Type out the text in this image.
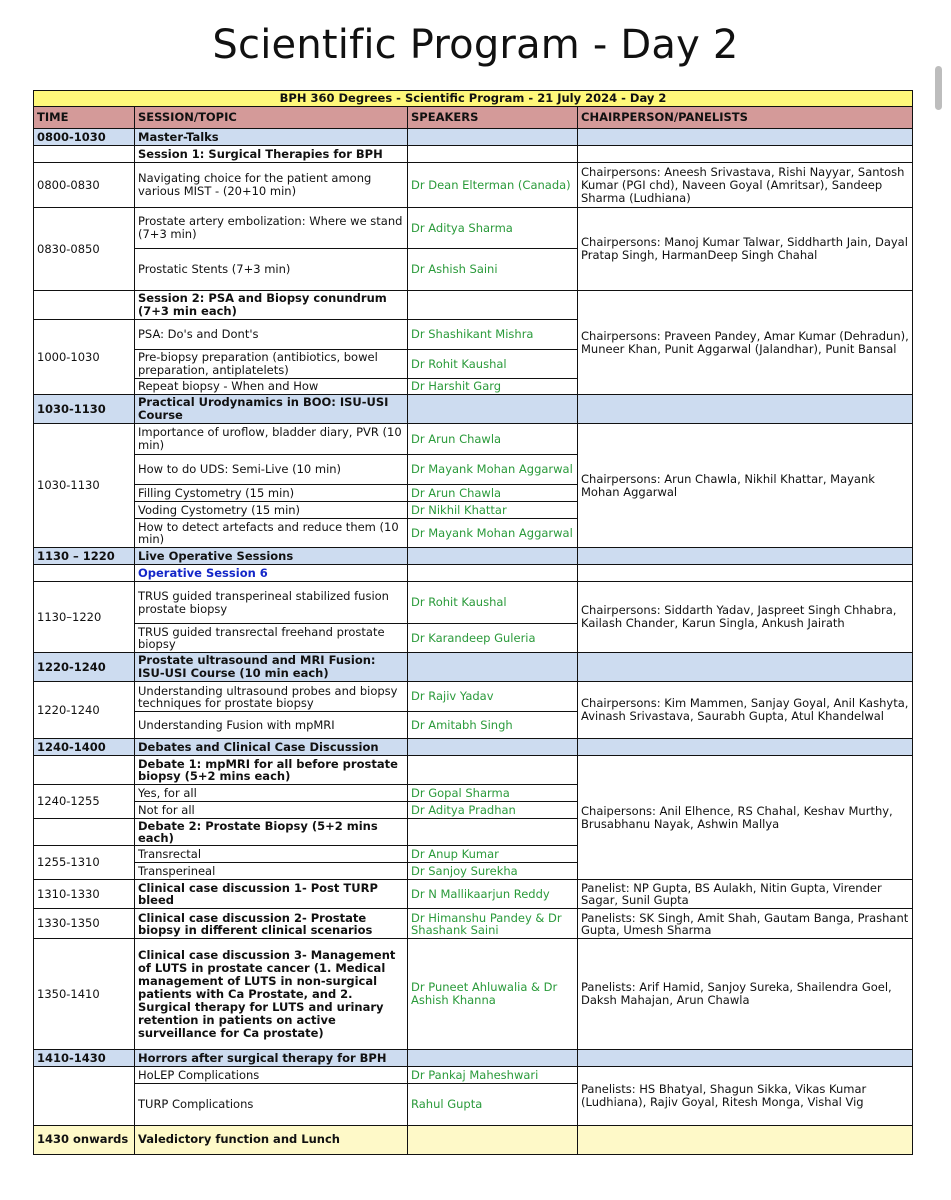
Scientific Program - Day 2
BPH 360 Degrees - Scientific Program - 21 July 2024 - Day 2			
TIME	SESSION/TOPIC	SPEAKERS	CHAIRPERSON/PANELISTS
0800-1030	Master-Talks		
	Session 1: Surgical Therapies for BPH		
0800-0830	Navigating choice for the patient among various MIST - (20+10 min)	Dr Dean Elterman (Canada)	Chairpersons: Aneesh Srivastava, Rishi Nayyar, Santosh Kumar (PGI chd), Naveen Goyal (Amritsar), Sandeep Sharma (Ludhiana)
0830-0850	Prostate artery embolization: Where we stand (7+3 min)	Dr Aditya Sharma	Chairpersons: Manoj Kumar Talwar, Siddharth Jain, Dayal Pratap Singh, HarmanDeep Singh Chahal
	Prostatic Stents (7+3 min)	Dr Ashish Saini	
	Session 2: PSA and Biopsy conundrum (7+3 min each)		Chairpersons: Praveen Pandey, Amar Kumar (Dehradun), Muneer Khan, Punit Aggarwal (Jalandhar), Punit Bansal
1000-1030	PSA: Do's and Dont's	Dr Shashikant Mishra	
	Pre-biopsy preparation (antibiotics, bowel preparation, antiplatelets)	Dr Rohit Kaushal	
	Repeat biopsy - When and How	Dr Harshit Garg	
1030-1130	Practical Urodynamics in BOO: ISU-USI Course		
1030-1130	Importance of uroflow, bladder diary, PVR (10 min)	Dr Arun Chawla	Chairpersons: Arun Chawla, Nikhil Khattar, Mayank Mohan Aggarwal
	How to do UDS: Semi-Live (10 min)	Dr Mayank Mohan Aggarwal	
	Filling Cystometry (15 min)	Dr Arun Chawla	
	Voding Cystometry (15 min)	Dr Nikhil Khattar	
	How to detect artefacts and reduce them (10 min)	Dr Mayank Mohan Aggarwal	
1130 – 1220	Live Operative Sessions		
	Operative Session 6		
1130–1220	TRUS guided transperineal stabilized fusion prostate biopsy	Dr Rohit Kaushal	Chairpersons: Siddarth Yadav, Jaspreet Singh Chhabra, Kailash Chander, Karun Singla, Ankush Jairath
	TRUS guided transrectal freehand prostate biopsy	Dr Karandeep Guleria	
1220-1240	Prostate ultrasound and MRI Fusion: ISU-USI Course (10 min each)		
1220-1240	Understanding ultrasound probes and biopsy techniques for prostate biopsy	Dr Rajiv Yadav	Chairpersons: Kim Mammen, Sanjay Goyal, Anil Kashyta, Avinash Srivastava, Saurabh Gupta, Atul Khandelwal
	Understanding Fusion with mpMRI	Dr Amitabh Singh	
1240-1400	Debates and Clinical Case Discussion		
	Debate 1: mpMRI for all before prostate biopsy (5+2 mins each)		Chaipersons: Anil Elhence, RS Chahal, Keshav Murthy, Brusabhanu Nayak, Ashwin Mallya
1240-1255	Yes, for all	Dr Gopal Sharma	
	Not for all	Dr Aditya Pradhan	
	Debate 2: Prostate Biopsy (5+2 mins each)		
1255-1310	Transrectal	Dr Anup Kumar	
	Transperineal	Dr Sanjoy Surekha	
1310-1330	Clinical case discussion 1- Post TURP bleed	Dr N Mallikaarjun Reddy	Panelist: NP Gupta, BS Aulakh, Nitin Gupta, Virender Sagar, Sunil Gupta
1330-1350	Clinical case discussion 2- Prostate biopsy in different clinical scenarios	Dr Himanshu Pandey & Dr Shashank Saini	Panelists: SK Singh, Amit Shah, Gautam Banga, Prashant Gupta, Umesh Sharma
1350-1410	Clinical case discussion 3- Management of LUTS in prostate cancer (1. Medical management of LUTS in non-surgical patients with Ca Prostate, and 2. Surgical therapy for LUTS and urinary retention in patients on active surveillance for Ca prostate)	Dr Puneet Ahluwalia & Dr Ashish Khanna	Panelists: Arif Hamid, Sanjoy Sureka, Shailendra Goel, Daksh Mahajan, Arun Chawla
1410-1430	Horrors after surgical therapy for BPH		
	HoLEP Complications	Dr Pankaj Maheshwari	Panelists: HS Bhatyal, Shagun Sikka, Vikas Kumar (Ludhiana), Rajiv Goyal, Ritesh Monga, Vishal Vig
	TURP Complications	Rahul Gupta	
1430 onwards	Valedictory function and Lunch		
